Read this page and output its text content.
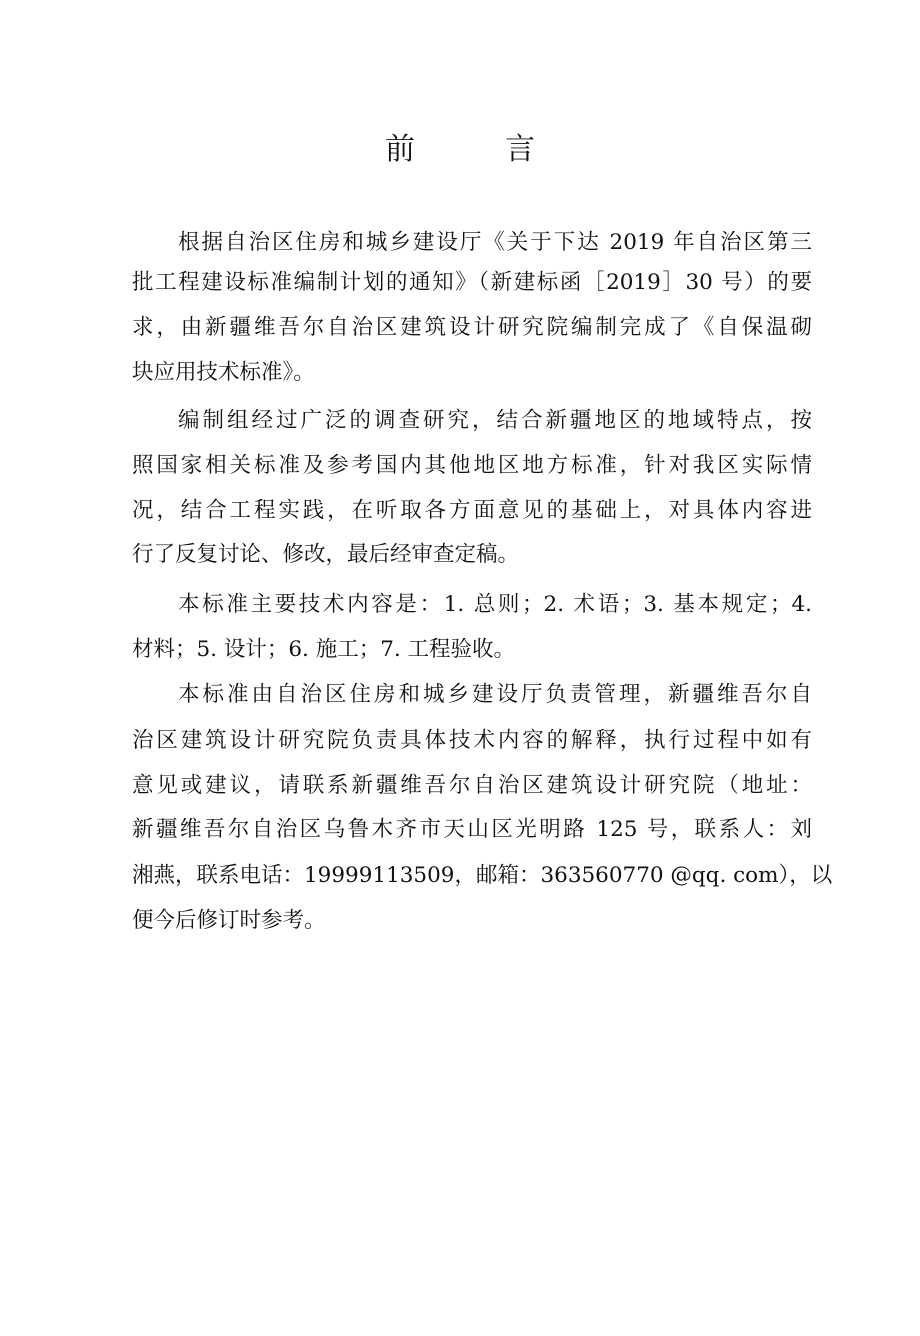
前　言
根据自治区住房和城乡建设厅《关于下达 2019 年自治区第三
批工程建设标准编制计划的通知》（新建标函［2019］30 号）的要
求，由新疆维吾尔自治区建筑设计研究院编制完成了《自保温砌
块应用技术标准》。
编制组经过广泛的调查研究，结合新疆地区的地域特点，按
照国家相关标准及参考国内其他地区地方标准，针对我区实际情
况，结合工程实践，在听取各方面意见的基础上，对具体内容进
行了反复讨论、修改，最后经审查定稿。
本标准主要技术内容是：1. 总则；2. 术语；3. 基本规定；4.
材料；5. 设计；6. 施工；7. 工程验收。
本标准由自治区住房和城乡建设厅负责管理，新疆维吾尔自
治区建筑设计研究院负责具体技术内容的解释，执行过程中如有
意见或建议，请联系新疆维吾尔自治区建筑设计研究院（地址：
新疆维吾尔自治区乌鲁木齐市天山区光明路 125 号，联系人：刘
湘燕，联系电话：19999113509，邮箱：363560770 @qq. com），以
便今后修订时参考。
